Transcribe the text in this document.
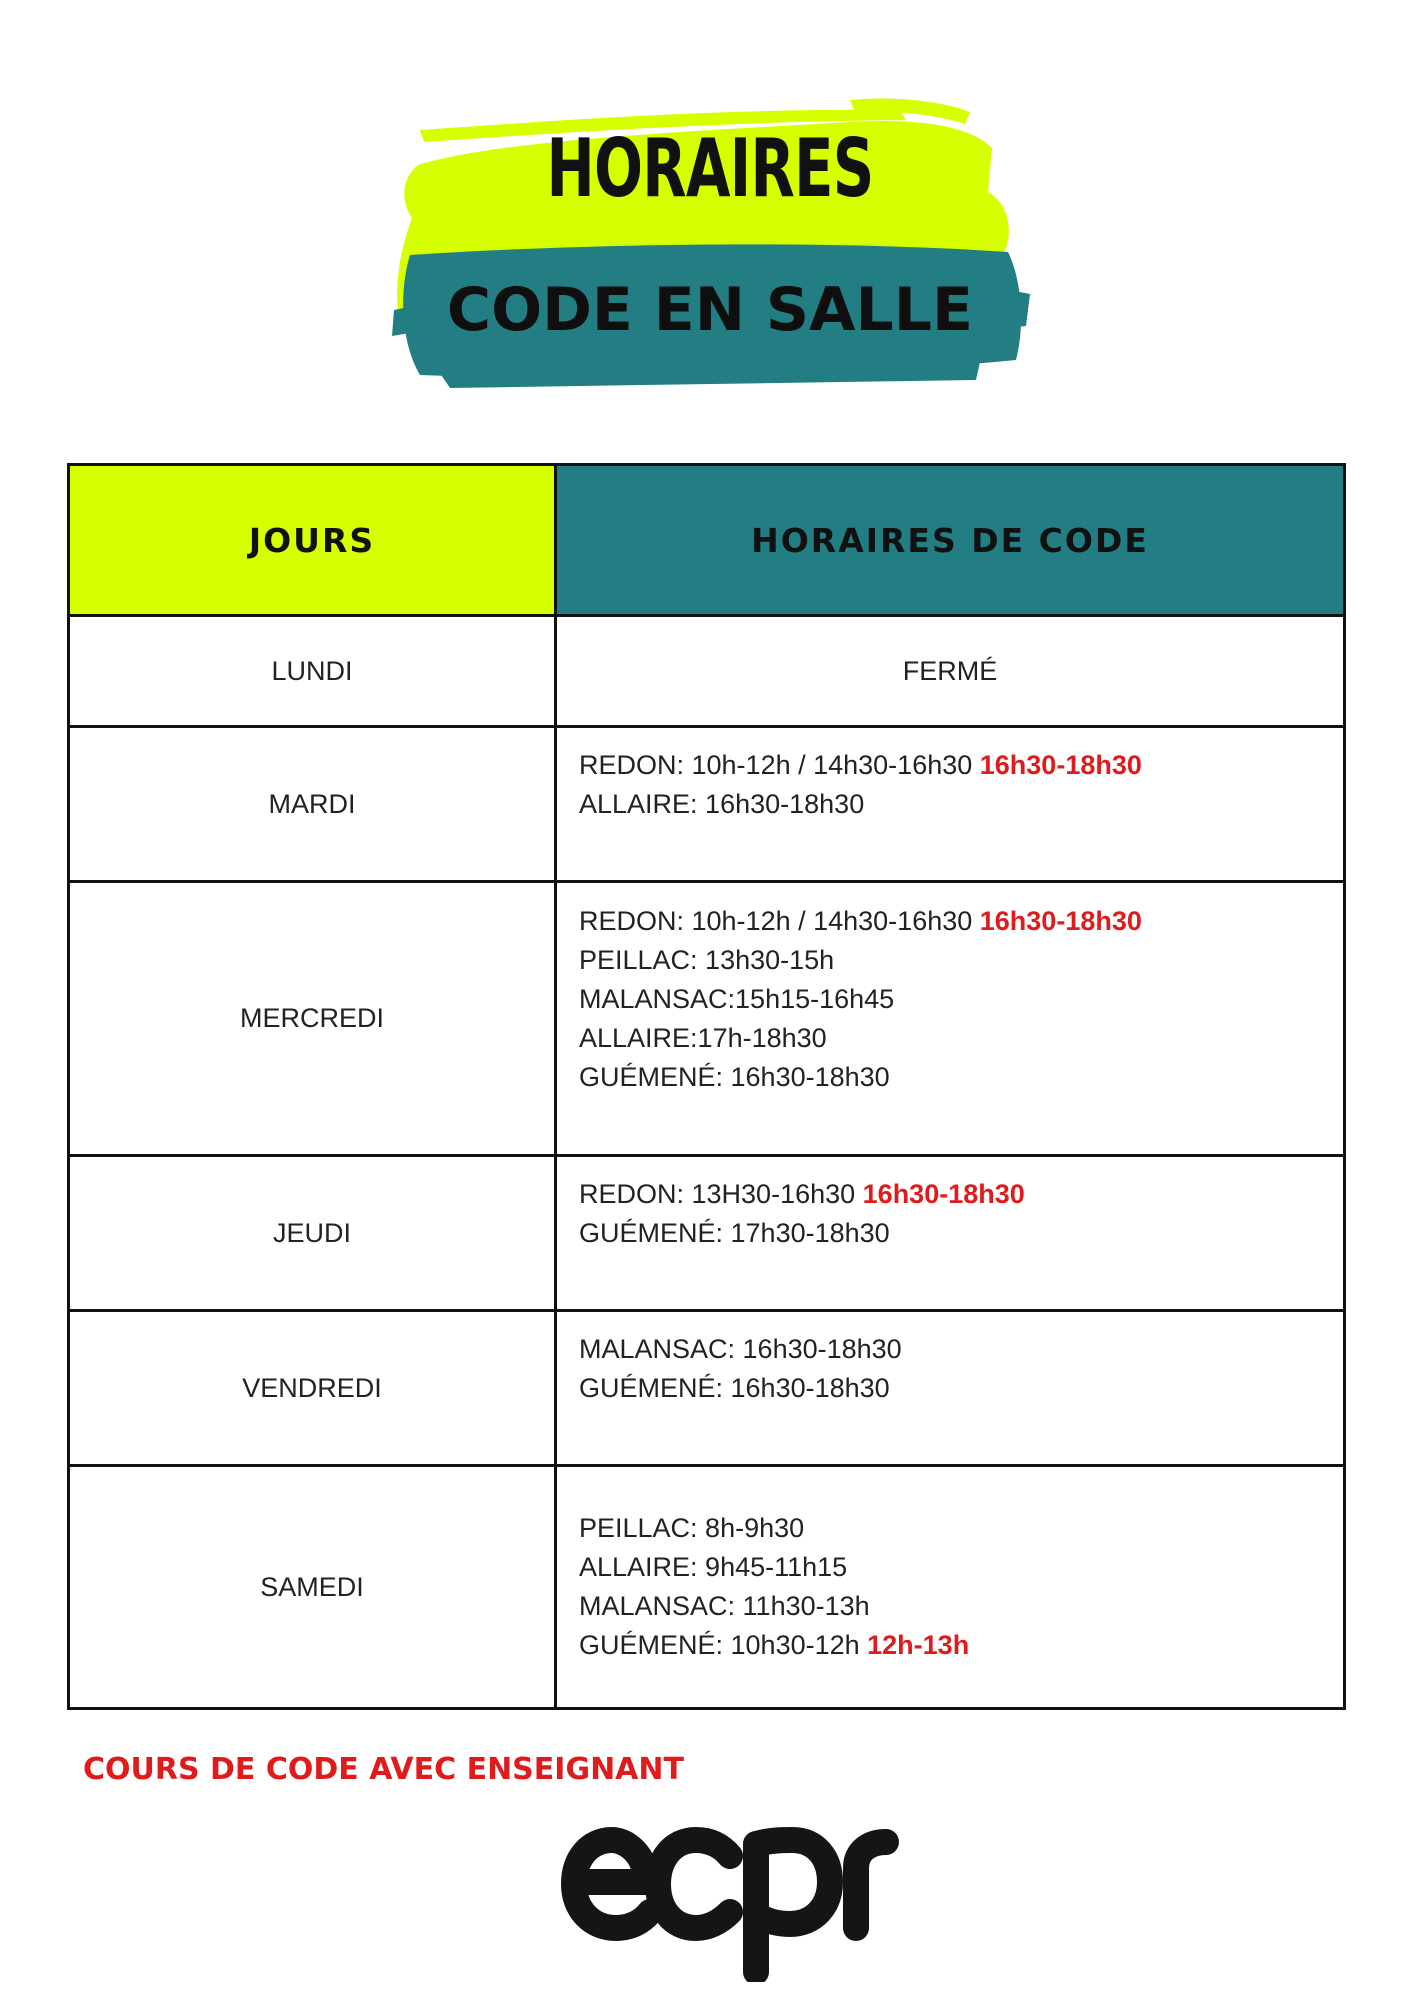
HORAIRES
CODE EN SALLE
JOURS	HORAIRES DE CODE
LUNDI	FERMÉ

MARDI	REDON: 10h-12h / 14h30-16h30 16h30-18h30
ALLAIRE: 16h30-18h30

MERCREDI	REDON: 10h-12h / 14h30-16h30 16h30-18h30
PEILLAC: 13h30-15h
MALANSAC:15h15-16h45
ALLAIRE:17h-18h30
GUÉMENÉ: 16h30-18h30

JEUDI	REDON: 13H30-16h30 16h30-18h30
GUÉMENÉ: 17h30-18h30

VENDREDI	MALANSAC: 16h30-18h30
GUÉMENÉ: 16h30-18h30

SAMEDI	PEILLAC: 8h-9h30
ALLAIRE: 9h45-11h15
MALANSAC: 11h30-13h
GUÉMENÉ: 10h30-12h 12h-13h
COURS DE CODE AVEC ENSEIGNANT
